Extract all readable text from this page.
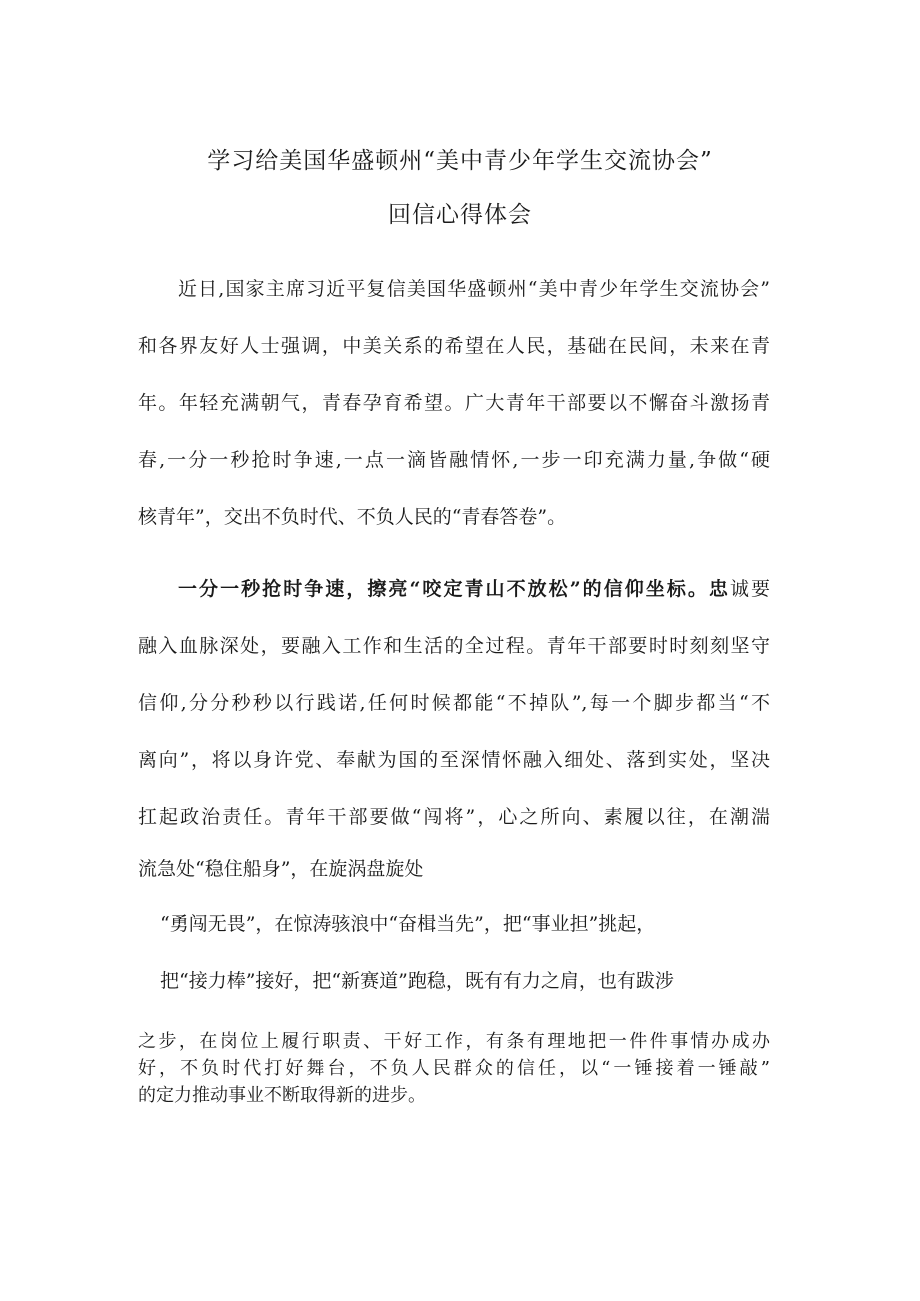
学习给美国华盛顿州“美中青少年学生交流协会”
回信心得体会

近日,国家主席习近平复信美国华盛顿州“美中青少年学生交流协会”

和各界友好人士强调，中美关系的希望在人民，基础在民间，未来在青

年。年轻充满朝气，青春孕育希望。广大青年干部要以不懈奋斗激扬青

春,一分一秒抢时争速,一点一滴皆融情怀,一步一印充满力量,争做“硬

核青年”，交出不负时代、不负人民的“青春答卷”。

一分一秒抢时争速，擦亮“咬定青山不放松”的信仰坐标。忠诚要

融入血脉深处，要融入工作和生活的全过程。青年干部要时时刻刻坚守

信仰,分分秒秒以行践诺,任何时候都能“不掉队”,每一个脚步都当“不

离向”，将以身许党、奉献为国的至深情怀融入细处、落到实处，坚决

扛起政治责任。青年干部要做“闯将”，心之所向、素履以往，在潮湍

流急处“稳住船身”，在旋涡盘旋处

“勇闯无畏”，在惊涛骇浪中“奋楫当先”，把“事业担”挑起，

把“接力棒”接好，把“新赛道”跑稳，既有有力之肩，也有跋涉

之步，在岗位上履行职责、干好工作，有条有理地把一件件事情办成办

好，不负时代打好舞台，不负人民群众的信任，以“一锤接着一锤敲”

的定力推动事业不断取得新的进步。
